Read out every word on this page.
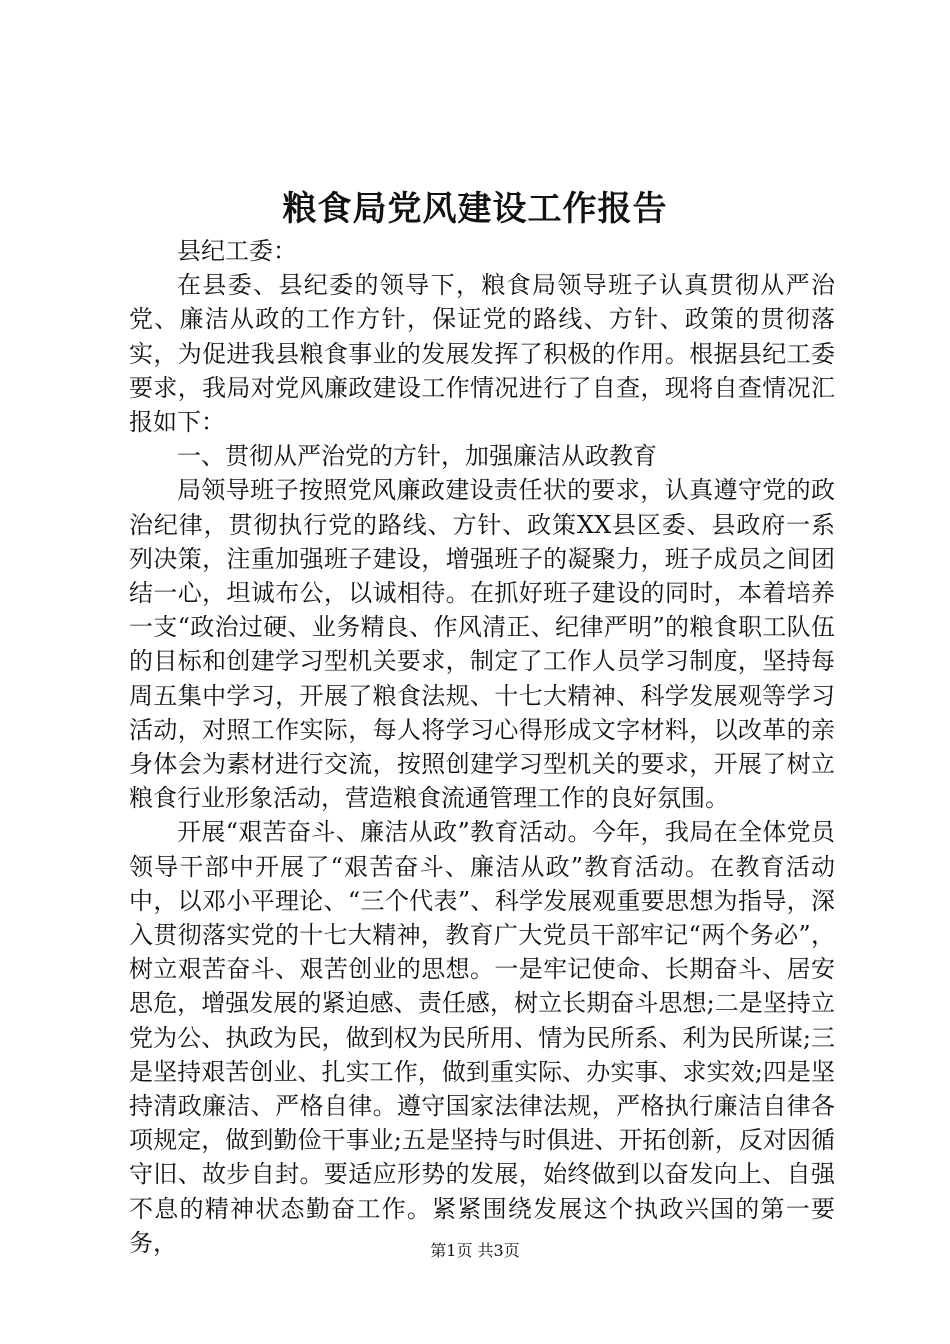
粮食局党风建设工作报告

县纪工委：

在县委、县纪委的领导下，粮食局领导班子认真贯彻从严治党、廉洁从政的工作方针，保证党的路线、方针、政策的贯彻落实，为促进我县粮食事业的发展发挥了积极的作用。根据县纪工委要求，我局对党风廉政建设工作情况进行了自查，现将自查情况汇报如下：

一、贯彻从严治党的方针，加强廉洁从政教育

局领导班子按照党风廉政建设责任状的要求，认真遵守党的政治纪律，贯彻执行党的路线、方针、政策XX县区委、县政府一系列决策，注重加强班子建设，增强班子的凝聚力，班子成员之间团结一心，坦诚布公，以诚相待。在抓好班子建设的同时，本着培养一支“政治过硬、业务精良、作风清正、纪律严明”的粮食职工队伍的目标和创建学习型机关要求，制定了工作人员学习制度，坚持每周五集中学习，开展了粮食法规、十七大精神、科学发展观等学习活动，对照工作实际，每人将学习心得形成文字材料，以改革的亲身体会为素材进行交流，按照创建学习型机关的要求，开展了树立粮食行业形象活动，营造粮食流通管理工作的良好氛围。

开展“艰苦奋斗、廉洁从政”教育活动。今年，我局在全体党员领导干部中开展了“艰苦奋斗、廉洁从政”教育活动。在教育活动中，以邓小平理论、“三个代表”、科学发展观重要思想为指导，深入贯彻落实党的十七大精神，教育广大党员干部牢记“两个务必”，树立艰苦奋斗、艰苦创业的思想。一是牢记使命、长期奋斗、居安思危，增强发展的紧迫感、责任感，树立长期奋斗思想;二是坚持立党为公、执政为民，做到权为民所用、情为民所系、利为民所谋;三是坚持艰苦创业、扎实工作，做到重实际、办实事、求实效;四是坚持清政廉洁、严格自律。遵守国家法律法规，严格执行廉洁自律各项规定，做到勤俭干事业;五是坚持与时俱进、开拓创新，反对因循守旧、故步自封。要适应形势的发展，始终做到以奋发向上、自强不息的精神状态勤奋工作。紧紧围绕发展这个执政兴国的第一要务，	第1页 共3页
